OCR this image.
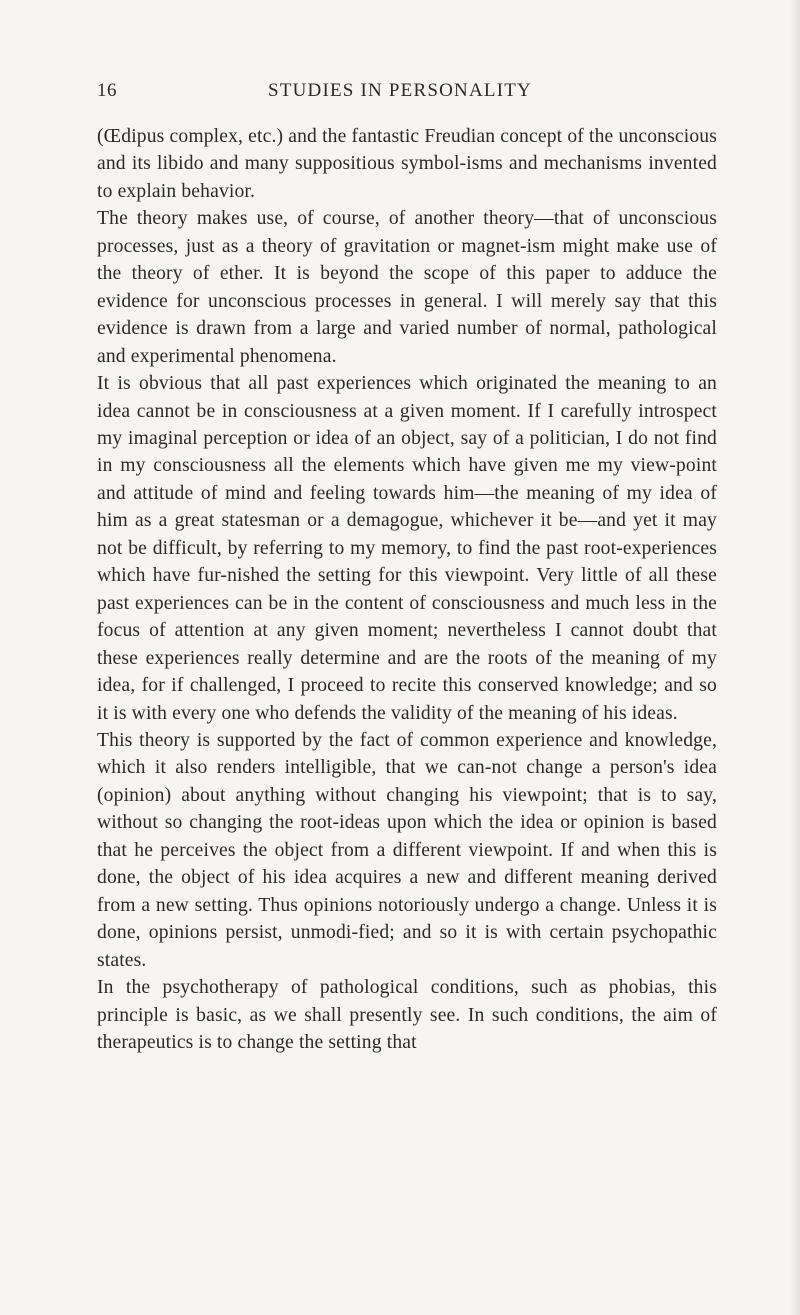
16	STUDIES IN PERSONALITY

(Œdipus complex, etc.) and the fantastic Freudian concept of the unconscious and its libido and many suppositious symbol-isms and mechanisms invented to explain behavior.

The theory makes use, of course, of another theory—that of unconscious processes, just as a theory of gravitation or magnet-ism might make use of the theory of ether. It is beyond the scope of this paper to adduce the evidence for unconscious processes in general. I will merely say that this evidence is drawn from a large and varied number of normal, pathological and experimental phenomena.

It is obvious that all past experiences which originated the meaning to an idea cannot be in consciousness at a given moment. If I carefully introspect my imaginal perception or idea of an object, say of a politician, I do not find in my consciousness all the elements which have given me my view-point and attitude of mind and feeling towards him—the meaning of my idea of him as a great statesman or a demagogue, whichever it be—and yet it may not be difficult, by referring to my memory, to find the past root-experiences which have fur-nished the setting for this viewpoint. Very little of all these past experiences can be in the content of consciousness and much less in the focus of attention at any given moment; nevertheless I cannot doubt that these experiences really determine and are the roots of the meaning of my idea, for if challenged, I proceed to recite this conserved knowledge; and so it is with every one who defends the validity of the meaning of his ideas.

This theory is supported by the fact of common experience and knowledge, which it also renders intelligible, that we can-not change a person's idea (opinion) about anything without changing his viewpoint; that is to say, without so changing the root-ideas upon which the idea or opinion is based that he perceives the object from a different viewpoint. If and when this is done, the object of his idea acquires a new and different meaning derived from a new setting. Thus opinions notoriously undergo a change. Unless it is done, opinions persist, unmodi-fied; and so it is with certain psychopathic states.

In the psychotherapy of pathological conditions, such as phobias, this principle is basic, as we shall presently see. In such conditions, the aim of therapeutics is to change the setting that
